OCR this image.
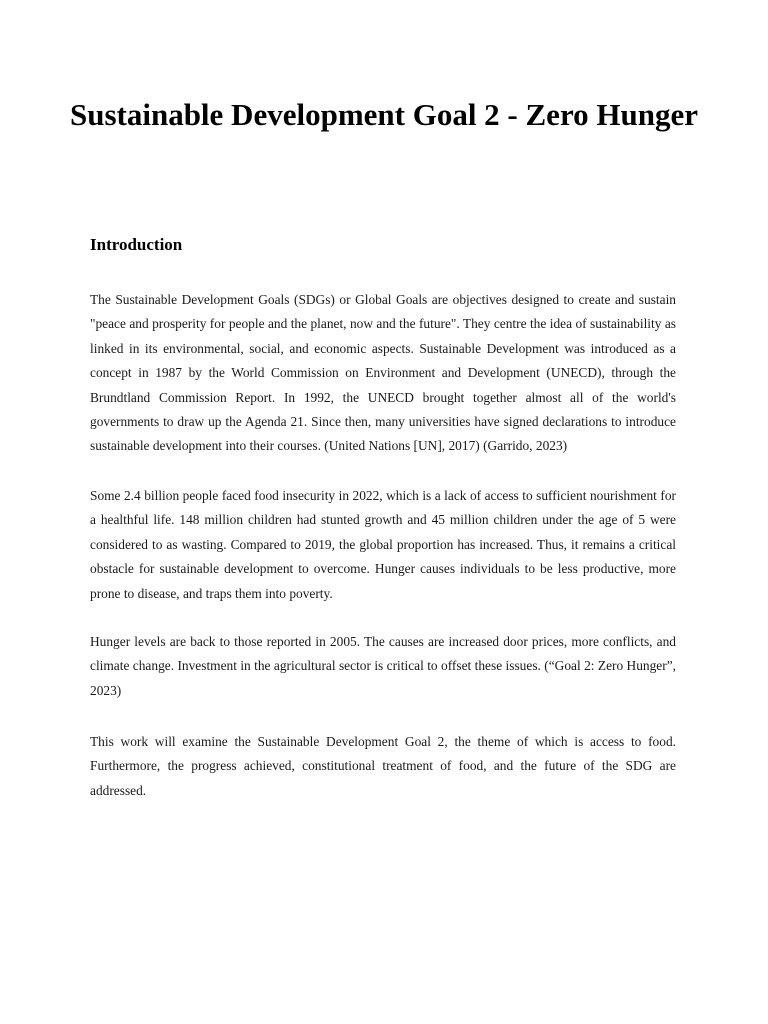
Sustainable Development Goal 2 - Zero Hunger
Introduction

The Sustainable Development Goals (SDGs) or Global Goals are objectives designed to create and sustain "peace and prosperity for people and the planet, now and the future". They centre the idea of sustainability as linked in its environmental, social, and economic aspects. Sustainable Development was introduced as a concept in 1987 by the World Commission on Environment and Development (UNECD), through the Brundtland Commission Report. In 1992, the UNECD brought together almost all of the world's governments to draw up the Agenda 21. Since then, many universities have signed declarations to introduce sustainable development into their courses. (United Nations [UN], 2017) (Garrido, 2023)

Some 2.4 billion people faced food insecurity in 2022, which is a lack of access to sufficient nourishment for a healthful life. 148 million children had stunted growth and 45 million children under the age of 5 were considered to as wasting. Compared to 2019, the global proportion has increased. Thus, it remains a critical obstacle for sustainable development to overcome. Hunger causes individuals to be less productive, more prone to disease, and traps them into poverty.

Hunger levels are back to those reported in 2005. The causes are increased door prices, more conflicts, and climate change. Investment in the agricultural sector is critical to offset these issues. (“Goal 2: Zero Hunger”, 2023)

This work will examine the Sustainable Development Goal 2, the theme of which is access to food. Furthermore, the progress achieved, constitutional treatment of food, and the future of the SDG are addressed.
